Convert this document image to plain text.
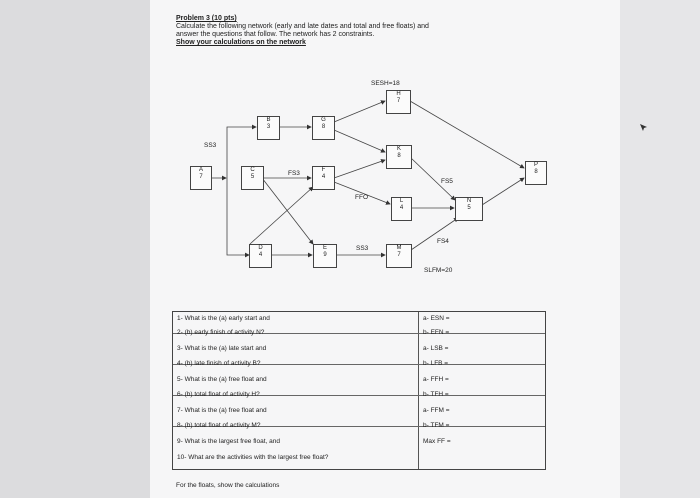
Problem 3 (10 pts)
Calculate the following network (early and late dates and total and free floats) and
answer the questions that follow. The network has 2 constraints.
Show your calculations on the network
A
7
B
3
C
5
D
4
E
9
F
4
G
8
H
7
K
8
L
4
M
7
N
5
P
8
SESH=18
SS3
FS3
FFO
SS3
FS5
FS4
SLFM=20
1- What is the (a) early start and	a- ESN =
2- (b) early finish of activity N?	b- EFN =
3- What is the (a) late start and	a- LSB =
4- (b) late finish of activity B?	b- LFB =
5- What is the (a) free float and	a- FFH =
6- (b) total float of activity H?	b- TFH =
7- What is the (a) free float and	a- FFM =
8- (b) total float of activity M?	b- TFM =
9- What is the largest free float, and	Max FF =
10- What are the activities with the largest free float?
For the floats, show the calculations
